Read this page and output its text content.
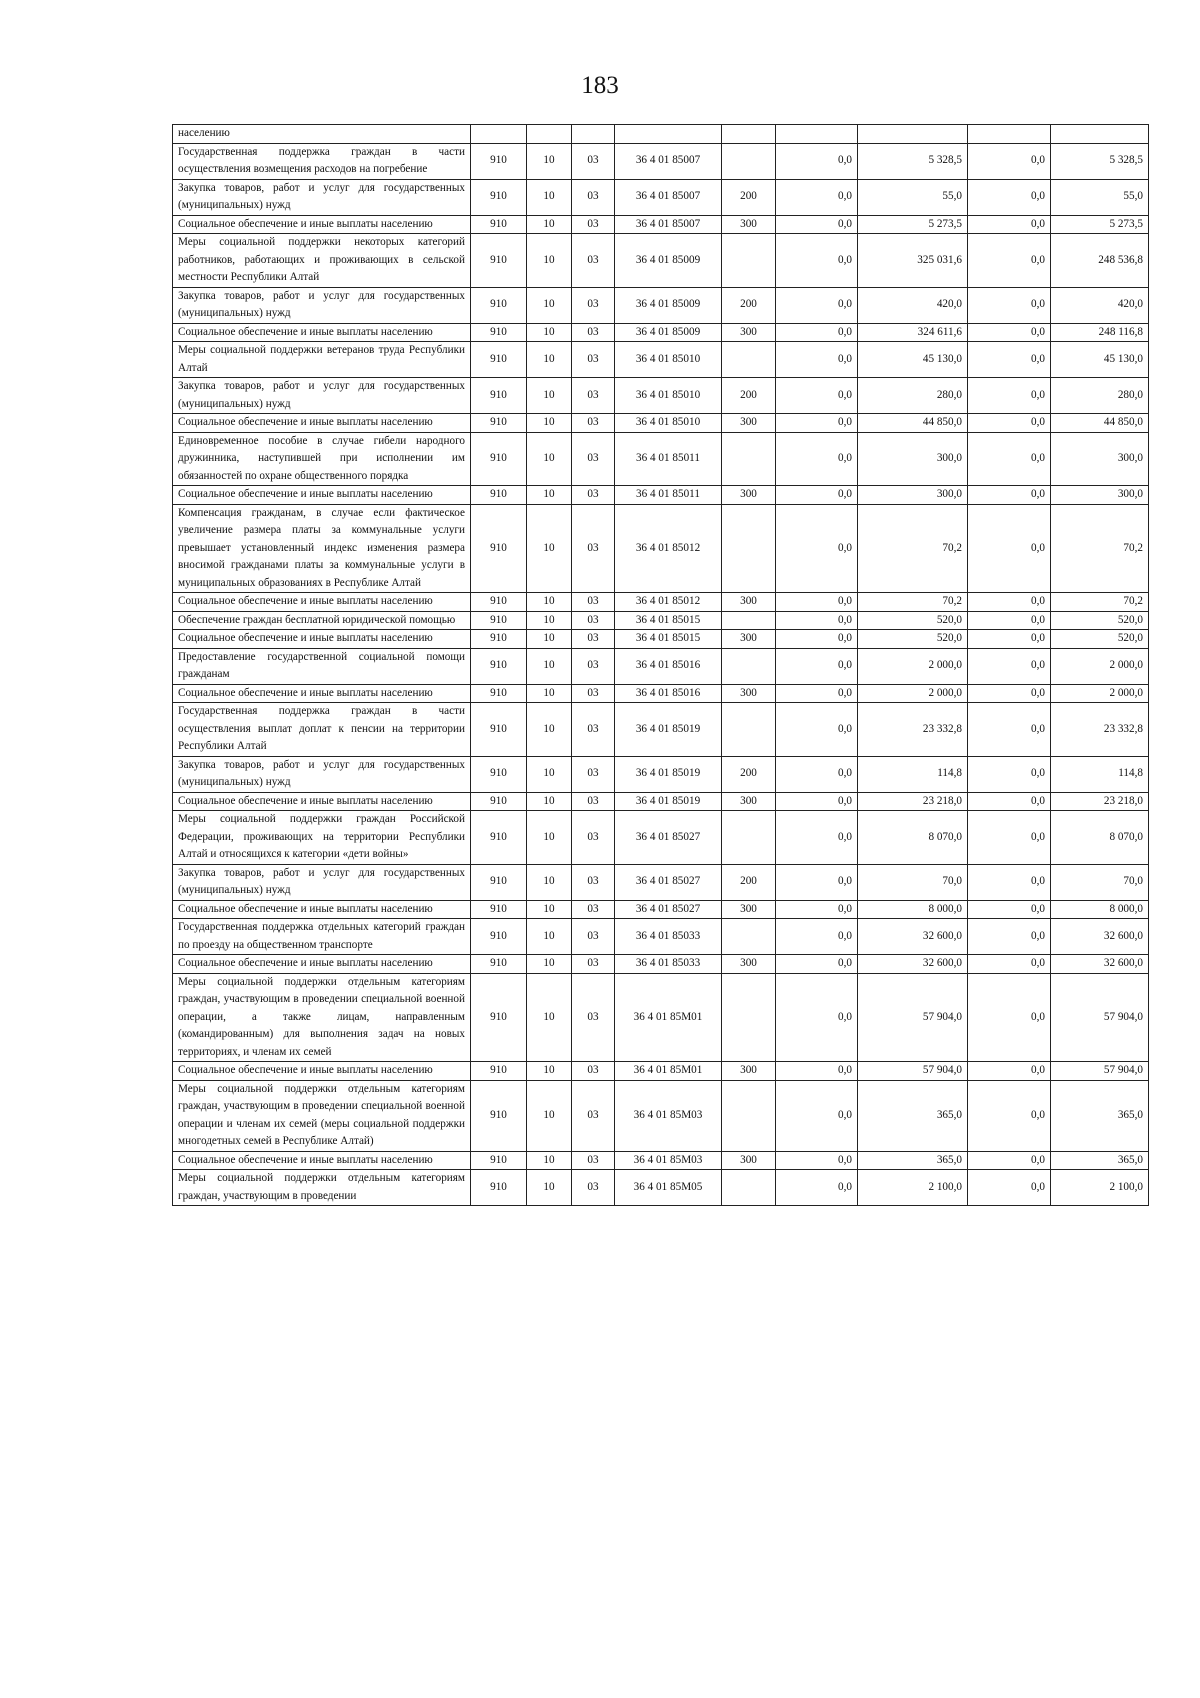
183
населению									
Государственная поддержка граждан в части осуществления возмещения расходов на погребение	910	10	03	36 4 01 85007		0,0	5 328,5	0,0	5 328,5
Закупка товаров, работ и услуг для государственных (муниципальных) нужд	910	10	03	36 4 01 85007	200	0,0	55,0	0,0	55,0
Социальное обеспечение и иные выплаты населению	910	10	03	36 4 01 85007	300	0,0	5 273,5	0,0	5 273,5
Меры социальной поддержки некоторых категорий работников, работающих и проживающих в сельской местности Республики Алтай	910	10	03	36 4 01 85009		0,0	325 031,6	0,0	248 536,8
Закупка товаров, работ и услуг для государственных (муниципальных) нужд	910	10	03	36 4 01 85009	200	0,0	420,0	0,0	420,0
Социальное обеспечение и иные выплаты населению	910	10	03	36 4 01 85009	300	0,0	324 611,6	0,0	248 116,8
Меры социальной поддержки ветеранов труда Республики Алтай	910	10	03	36 4 01 85010		0,0	45 130,0	0,0	45 130,0
Закупка товаров, работ и услуг для государственных (муниципальных) нужд	910	10	03	36 4 01 85010	200	0,0	280,0	0,0	280,0
Социальное обеспечение и иные выплаты населению	910	10	03	36 4 01 85010	300	0,0	44 850,0	0,0	44 850,0
Единовременное пособие в случае гибели народного дружинника, наступившей при исполнении им обязанностей по охране общественного порядка	910	10	03	36 4 01 85011		0,0	300,0	0,0	300,0
Социальное обеспечение и иные выплаты населению	910	10	03	36 4 01 85011	300	0,0	300,0	0,0	300,0
Компенсация гражданам, в случае если фактическое увеличение размера платы за коммунальные услуги превышает установленный индекс изменения размера вносимой гражданами платы за коммунальные услуги в муниципальных образованиях в Республике Алтай	910	10	03	36 4 01 85012		0,0	70,2	0,0	70,2
Социальное обеспечение и иные выплаты населению	910	10	03	36 4 01 85012	300	0,0	70,2	0,0	70,2
Обеспечение граждан бесплатной юридической помощью	910	10	03	36 4 01 85015		0,0	520,0	0,0	520,0
Социальное обеспечение и иные выплаты населению	910	10	03	36 4 01 85015	300	0,0	520,0	0,0	520,0
Предоставление государственной социальной помощи гражданам	910	10	03	36 4 01 85016		0,0	2 000,0	0,0	2 000,0
Социальное обеспечение и иные выплаты населению	910	10	03	36 4 01 85016	300	0,0	2 000,0	0,0	2 000,0
Государственная поддержка граждан в части осуществления выплат доплат к пенсии на территории Республики Алтай	910	10	03	36 4 01 85019		0,0	23 332,8	0,0	23 332,8
Закупка товаров, работ и услуг для государственных (муниципальных) нужд	910	10	03	36 4 01 85019	200	0,0	114,8	0,0	114,8
Социальное обеспечение и иные выплаты населению	910	10	03	36 4 01 85019	300	0,0	23 218,0	0,0	23 218,0
Меры социальной поддержки граждан Российской Федерации, проживающих на территории Республики Алтай и относящихся к категории «дети войны»	910	10	03	36 4 01 85027		0,0	8 070,0	0,0	8 070,0
Закупка товаров, работ и услуг для государственных (муниципальных) нужд	910	10	03	36 4 01 85027	200	0,0	70,0	0,0	70,0
Социальное обеспечение и иные выплаты населению	910	10	03	36 4 01 85027	300	0,0	8 000,0	0,0	8 000,0
Государственная поддержка отдельных категорий граждан по проезду на общественном транспорте	910	10	03	36 4 01 85033		0,0	32 600,0	0,0	32 600,0
Социальное обеспечение и иные выплаты населению	910	10	03	36 4 01 85033	300	0,0	32 600,0	0,0	32 600,0
Меры социальной поддержки отдельным категориям граждан, участвующим в проведении специальной военной операции, а также лицам, направленным (командированным) для выполнения задач на новых территориях, и членам их семей	910	10	03	36 4 01 85М01		0,0	57 904,0	0,0	57 904,0
Социальное обеспечение и иные выплаты населению	910	10	03	36 4 01 85М01	300	0,0	57 904,0	0,0	57 904,0
Меры социальной поддержки отдельным категориям граждан, участвующим в проведении специальной военной операции и членам их семей (меры социальной поддержки многодетных семей в Республике Алтай)	910	10	03	36 4 01 85М03		0,0	365,0	0,0	365,0
Социальное обеспечение и иные выплаты населению	910	10	03	36 4 01 85М03	300	0,0	365,0	0,0	365,0
Меры социальной поддержки отдельным категориям граждан, участвующим в проведении	910	10	03	36 4 01 85М05		0,0	2 100,0	0,0	2 100,0
